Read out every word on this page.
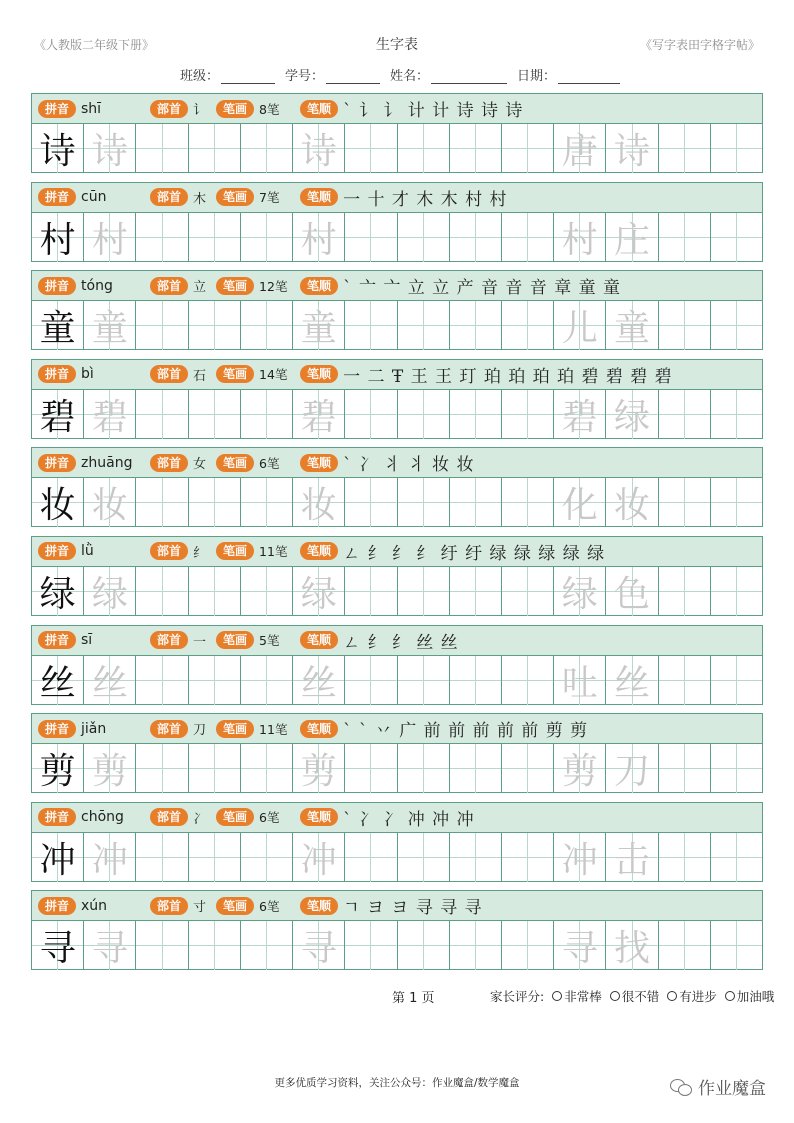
《人教版二年级下册》	生字表	《写字表田字格字帖》
班级：	学号：	姓名：	日期：
拼音 shī	部首 讠	笔画 8笔	笔顺 ` 讠 讠 计 计 诗 诗 诗
诗 诗	诗	唐 诗
拼音 cūn	部首 木	笔画 7笔	笔顺 一 十 才 木 木 村 村
村 村	村	村 庄
拼音 tóng	部首 立	笔画 12笔	笔顺 ` 亠 亠 立 立 产 音 音 音 章 童 童
童 童	童	儿 童
拼音 bì	部首 石	笔画 14笔	笔顺 一 二 Ŧ 王 王 玎 珀 珀 珀 珀 碧 碧 碧 碧
碧 碧	碧	碧 绿
拼音 zhuāng	部首 女	笔画 6笔	笔顺 ` 冫 丬 丬 妆 妆
妆 妆	妆	化 妆
拼音 lǜ	部首 纟	笔画 11笔	笔顺 ㄥ 纟 纟 纟 纡 纡 绿 绿 绿 绿 绿
绿 绿	绿	绿 色
拼音 sī	部首 一	笔画 5笔	笔顺 ㄥ 纟 纟 丝 丝
丝 丝	丝	吐 丝
拼音 jiǎn	部首 刀	笔画 11笔	笔顺 ` ` 丷 广 前 前 前 前 前 剪 剪
剪 剪	剪	剪 刀
拼音 chōng	部首 冫	笔画 6笔	笔顺 ` 冫 冫 冲 冲 冲
冲 冲	冲	冲 击
拼音 xún	部首 寸	笔画 6笔	笔顺 ㄱ ヨ ヨ 寻 寻 寻
寻 寻	寻	寻 找
第 1 页	家长评分: 非常棒 很不错 有进步 加油哦
更多优质学习资料，关注公众号：作业魔盒/数学魔盒	作业魔盒
